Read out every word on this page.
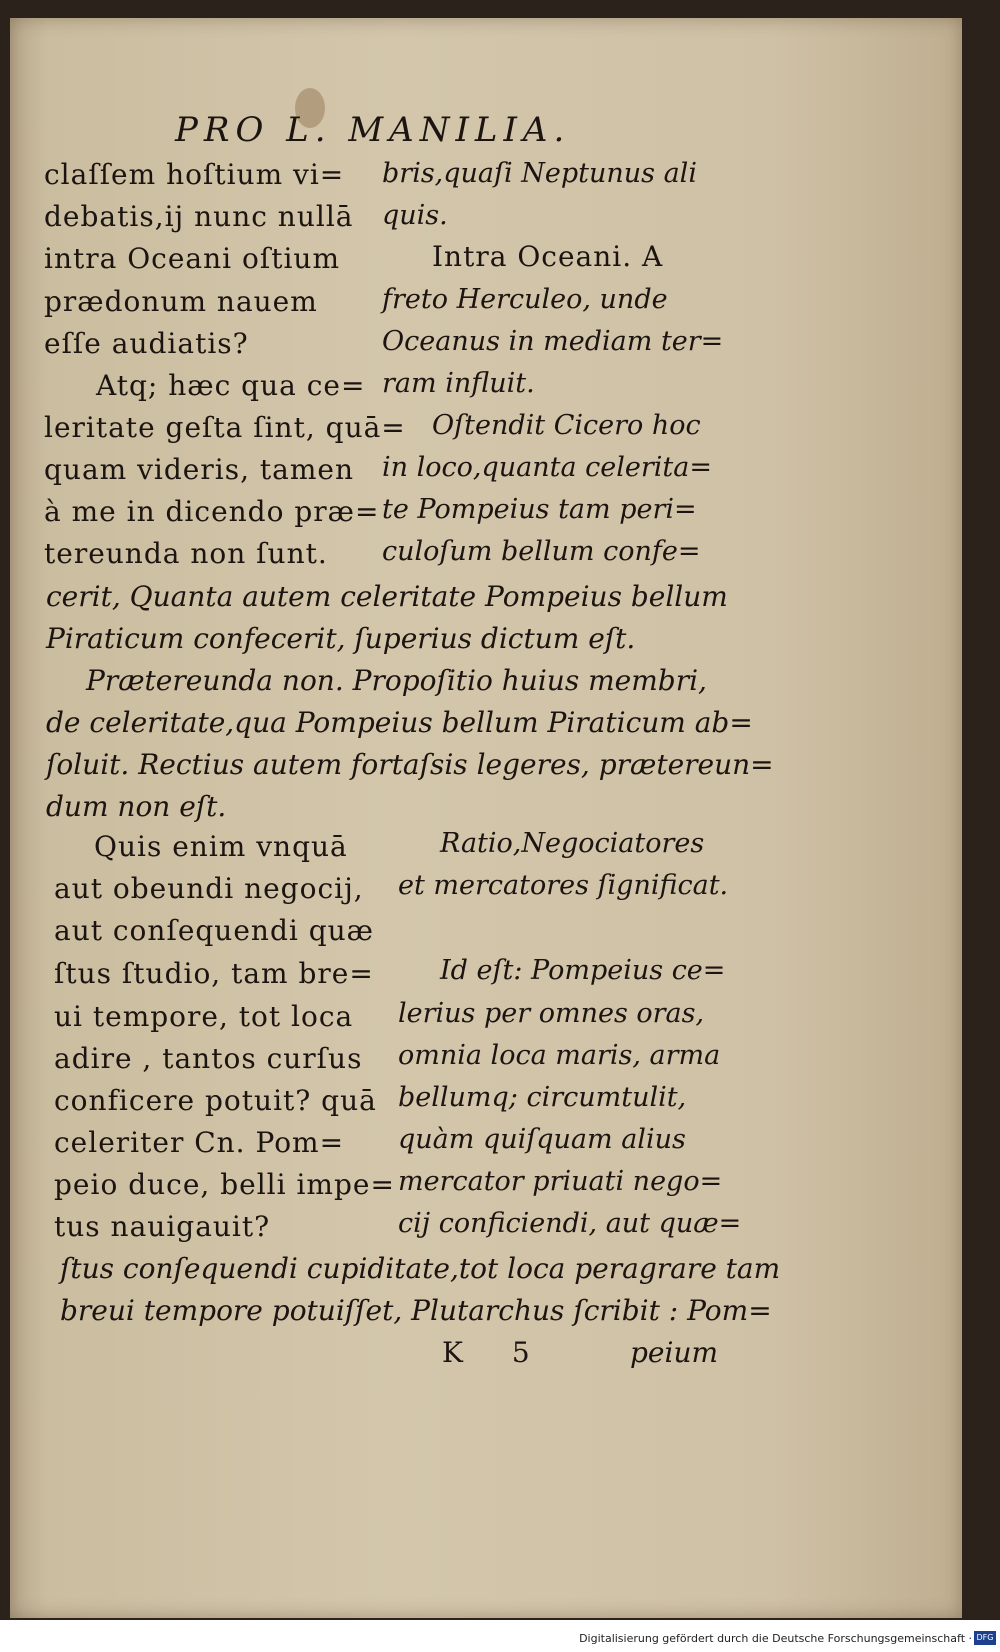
PRO L. MANILIA.
claſſem hoſtium vi=
debatis,ij nunc nullā
intra Oceani oſtium
prædonum nauem
eſſe audiatis?
Atq; hæc qua ce=
leritate geſta ſint, quā=
quam videris, tamen
à me in dicendo præ=
tereunda non ſunt.
bris,quaſi Neptunus ali
quis.
Intra Oceani. A
freto Herculeo, unde
Oceanus in mediam ter=
ram influit.
Oſtendit Cicero hoc
in loco,quanta celerita=
te Pompeius tam peri=
culoſum bellum confe=
cerit, Quanta autem celeritate Pompeius bellum
Piraticum confecerit, ſuperius dictum eſt.
Prætereunda non. Propoſitio huius membri,
de celeritate,qua Pompeius bellum Piraticum ab=
ſoluit. Rectius autem fortaſsis legeres, prætereun=
dum non eſt.
Quis enim vnquā
aut obeundi negocij,
aut conſequendi quæ
ſtus ſtudio, tam bre=
ui tempore, tot loca
adire , tantos curſus
conficere potuit? quā
celeriter Cn. Pom=
peio duce, belli impe=
tus nauigauit?
Ratio,Negociatores
et mercatores ſignificat.
Id eſt: Pompeius ce=
lerius per omnes oras,
omnia loca maris, arma
bellumq; circumtulit,
quàm quiſquam alius
mercator priuati nego=
cij conficiendi, aut quæ=
ſtus conſequendi cupiditate,tot loca peragrare tam
breui tempore potuiſſet, Plutarchus ſcribit : Pom=
K 5	peium
Digitalisierung gefördert durch die Deutsche Forschungsgemeinschaft · DFG
